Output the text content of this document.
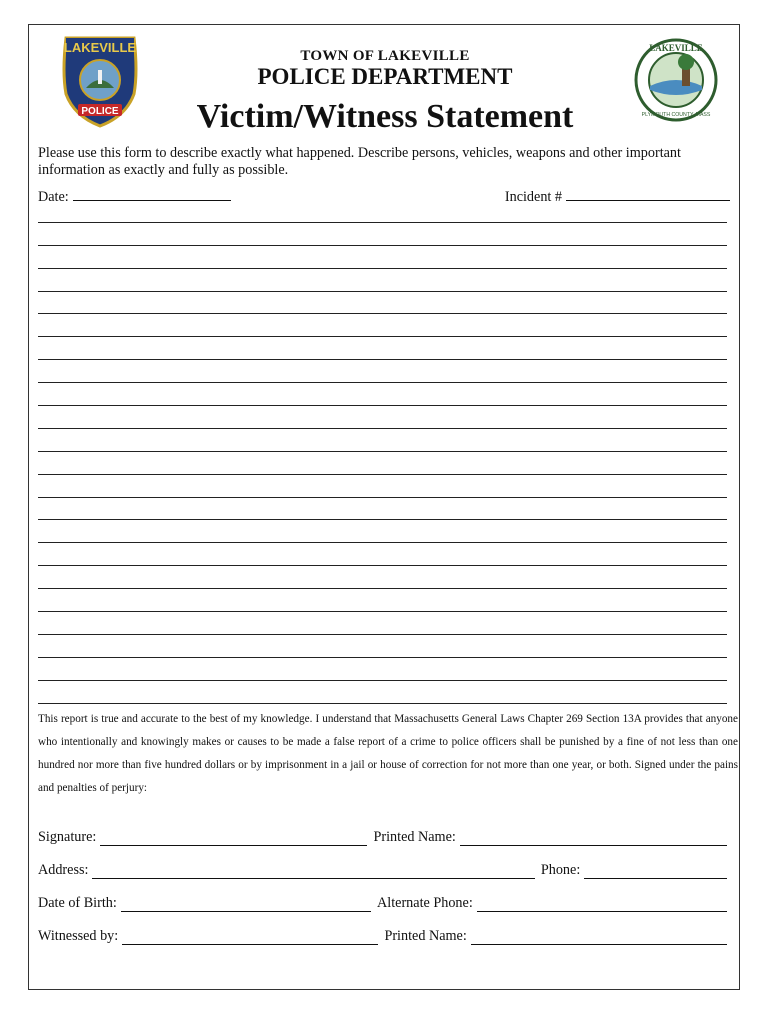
LAKEVILLE
POLICE
LAKEVILLE
PLYMOUTH COUNTY, MASS
TOWN OF LAKEVILLE
POLICE DEPARTMENT
Victim/Witness Statement
Please use this form to describe exactly what happened. Describe persons, vehicles, weapons and other important information as exactly and fully as possible.
Date:	Incident #
This report is true and accurate to the best of my knowledge. I understand that Massachusetts General Laws Chapter 269 Section 13A provides that anyone who intentionally and knowingly makes or causes to be made a false report of a crime to police officers shall be punished by a fine of not less than one hundred nor more than five hundred dollars or by imprisonment in a jail or house of correction for not more than one year, or both. Signed under the pains and penalties of perjury:
Signature:	Printed Name:
Address:	Phone:
Date of Birth:	Alternate Phone:
Witnessed by:	Printed Name:
